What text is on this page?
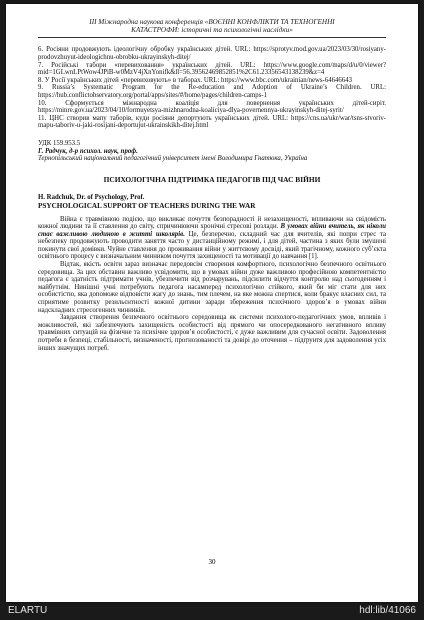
ІІІ Міжнародна наукова конференція «ВОЄННІ КОНФЛІКТИ ТА ТЕХНОГЕННІ
КАТАСТРОФИ: історичні та психологічні наслідки»

6. Росіяни продовжують ідеологічну обробку українських дітей. URL: https://sprotyv.mod.gov.ua/2023/03/30/rosiyany-prodovzhuyut-ideologichnu-obrobku-ukrayinskyh-ditej/

7. Російські табори «перевиховання» українських дітей. URL: https://www.google.com/maps/d/u/0/viewer?mid=1GLwnLPtWow4JPiB-w0MzV4jXnYonifk&ll=56.39562469852851%2C61.23356543138239&z=4

8. У Росії українських дітей «перевиховують» в таборах. URL: https://www.bbc.com/ukrainian/news-64646643

9. Russia’s Systematic Program for the Re-education and Adoption of Ukraine’s Children. URL: https://hub.conflictobservatory.org/portal/apps/sites/#/home/pages/children-camps-1

10. Сформується міжнародна коаліція для повернення українських дітей-сиріт. https://minre.gov.ua/2023/04/10/formuyetsya-mizhnarodna-koaliciya-dlya-povernennya-ukrayinskyh-ditej-syrit/

11. ЦНС створив мапу таборів, куди росіяни депортують українських дітей. URL: https://cns.ua/ukr/war/tsns-stvoriv-mapu-taboriv-u-jaki-rosijani-deportujut-ukrainskikh-ditej.html

УДК 159.953.5
Г. Радчук, д-р психол. наук, проф.
Тернопільський національний педагогічний університет імені Володимира Гнатюка, Україна
ПСИХОЛОГІЧНА ПІДТРИМКА ПЕДАГОГІВ ПІД ЧАС ВІЙНИ
H. Radchuk, Dr. of Psychology, Prof.
PSYCHOLOGICAL SUPPORT OF TEACHERS DURING THE WAR

Війна є травмівною подією, що викликає почуття безпорадності й незахищеності, впливаючи на свідомість кожної людини та її ставлення до світу, спричинюючи хронічні стресові розлади. В умовах війни вчитель, як ніколи стає важливою людиною в житті школярів. Це, безперечно, складний час для вчителів, які попри стрес та небезпеку продовжують проводити заняття часто у дистанційному режимі, і для дітей, частина з яких були змушені покинути свої домівки. Чуйне ставлення до проживання війни у життєвому досвіді, який трагічному, кожного суб’єкта освітнього процесу є визначальним чинником почуття захищеності та мотивації до навчання [1].

Відтак, якість освіти зараз визначає передовсім створення комфортного, психологічно безпечного освітнього середовища. За цих обставин важливо усвідомити, що в умовах війни дуже важливою професійною компетентністю педагога є здатність підтримати учнів, убезпечити від розчарувань, підсилити відчуття контролю над сьогоденням і майбутнім. Нинішні учні потребують педагога насамперед психологічно стійкого, який би міг стати для них особистістю, яка допоможе відповісти жагу до знань, тим плечем, на яке можна спертися, коли бракує власних сил, та сприятиме розвитку резильєнтності кожної дитини заради збереження психічного здоров’я в умовах війни надскладних стресогенних чинників.

Завдання створення безпечного освітнього середовища як системи психолого-педагогічних умов, впливів і можливостей, які забезпечують захищеність особистості від прямого чи опосередкованого негативного впливу травмівних ситуацій на фізичне та психічне здоров’я особистості, є дуже важливим для сучасної освіти. Задоволення потреби в безпеці, стабільності, визначеності, прогнозованості та довірі до оточення – підґрунтя для задоволення усіх інших значущих потреб.

30
ELARTU	hdl:lib/41066
